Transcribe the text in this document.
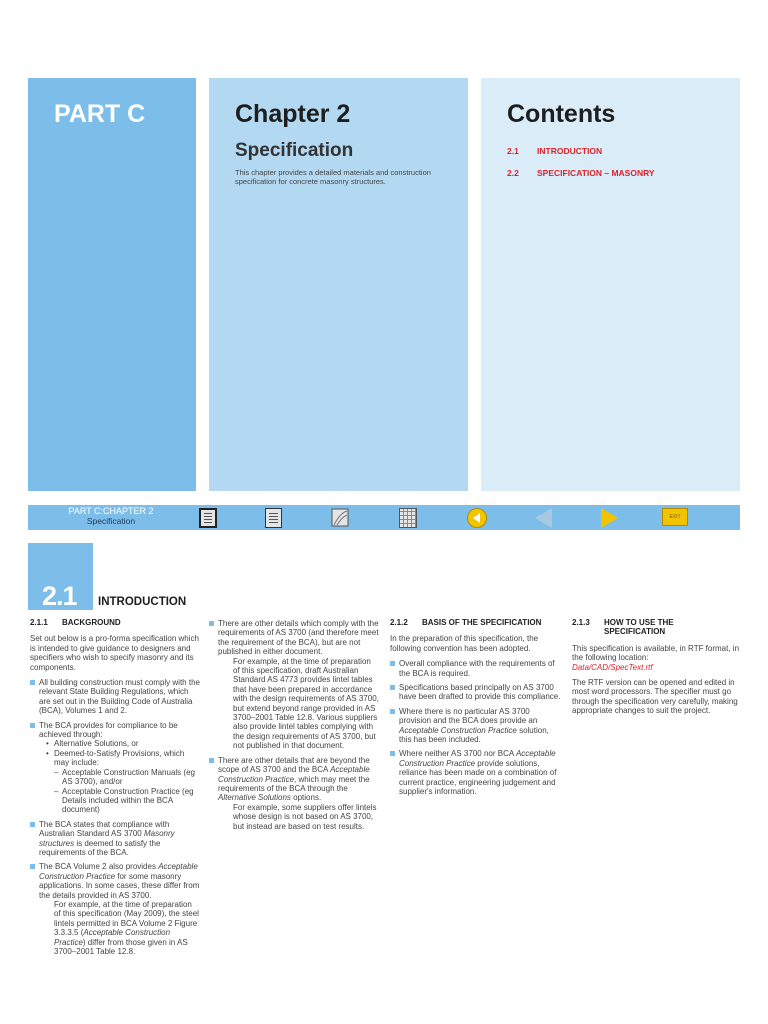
PART C	Chapter 2
Specification

This chapter provides a detailed materials and construction specification for concrete masonry structures.

Contents
2.1 INTRODUCTION
2.2 SPECIFICATION – MASONRY
PART C:CHAPTER 2
Specification	EXIT
2.1 INTRODUCTION

2.1.1 BACKGROUND

Set out below is a pro-forma specification which is intended to give guidance to designers and specifiers who wish to specify masonry and its components.

All building construction must comply with the relevant State Building Regulations, which are set out in the Building Code of Australia (BCA), Volumes 1 and 2.

The BCA provides for compliance to be achieved through:

• Alternative Solutions, or

• Deemed-to-Satisfy Provisions, which may include:

– Acceptable Construction Manuals (eg AS 3700), and/or

– Acceptable Construction Practice (eg Details included within the BCA document)

The BCA states that compliance with Australian Standard AS 3700 Masonry structures is deemed to satisfy the requirements of the BCA.

The BCA Volume 2 also provides Acceptable Construction Practice for some masonry applications. In some cases, these differ from the details provided in AS 3700.

For example, at the time of preparation of this specification (May 2009), the steel lintels permitted in BCA Volume 2 Figure 3.3.3.5 (Acceptable Construction Practice) differ from those given in AS 3700–2001 Table 12.8.

There are other details which comply with the requirements of AS 3700 (and therefore meet the requirement of the BCA), but are not published in either document.

For example, at the time of preparation of this specification, draft Australian Standard AS 4773 provides lintel tables that have been prepared in accordance with the design requirements of AS 3700, but extend beyond range provided in AS 3700–2001 Table 12.8. Various suppliers also provide lintel tables complying with the design requirements of AS 3700, but not published in that document.

There are other details that are beyond the scope of AS 3700 and the BCA Acceptable Construction Practice, which may meet the requirements of the BCA through the Alternative Solutions options.

For example, some suppliers offer lintels whose design is not based on AS 3700, but instead are based on test results.

2.1.2 BASIS OF THE SPECIFICATION

In the preparation of this specification, the following convention has been adopted.

Overall compliance with the requirements of the BCA is required.

Specifications based principally on AS 3700 have been drafted to provide this compliance.

Where there is no particular AS 3700 provision and the BCA does provide an Acceptable Construction Practice solution, this has been included.

Where neither AS 3700 nor BCA Acceptable Construction Practice provide solutions, reliance has been made on a combination of current practice, engineering judgement and supplier's information.

2.1.3 HOW TO USE THE SPECIFICATION

This specification is available, in RTF format, in the following location:

Data/CAD/SpecText.rtf

The RTF version can be opened and edited in most word processors. The specifier must go through the specification very carefully, making appropriate changes to suit the project.
